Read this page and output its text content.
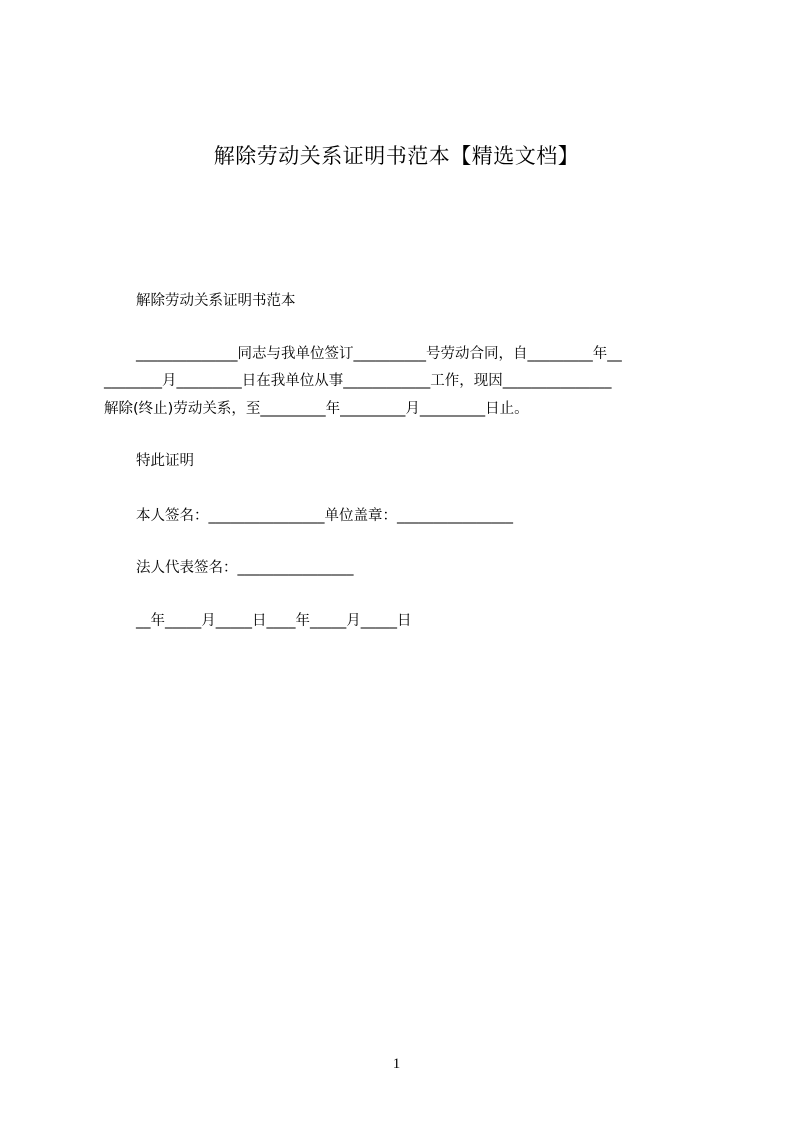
解除劳动关系证明书范本【精选文档】
解除劳动关系证明书范本
______________同志与我单位签订__________号劳动合同，自_________年__
________月_________日在我单位从事____________工作，现因_______________
解除(终止)劳动关系，至_________年_________月_________日止。
特此证明
本人签名：________________单位盖章：________________
法人代表签名：________________
__年_____月_____日____年_____月_____日
1
